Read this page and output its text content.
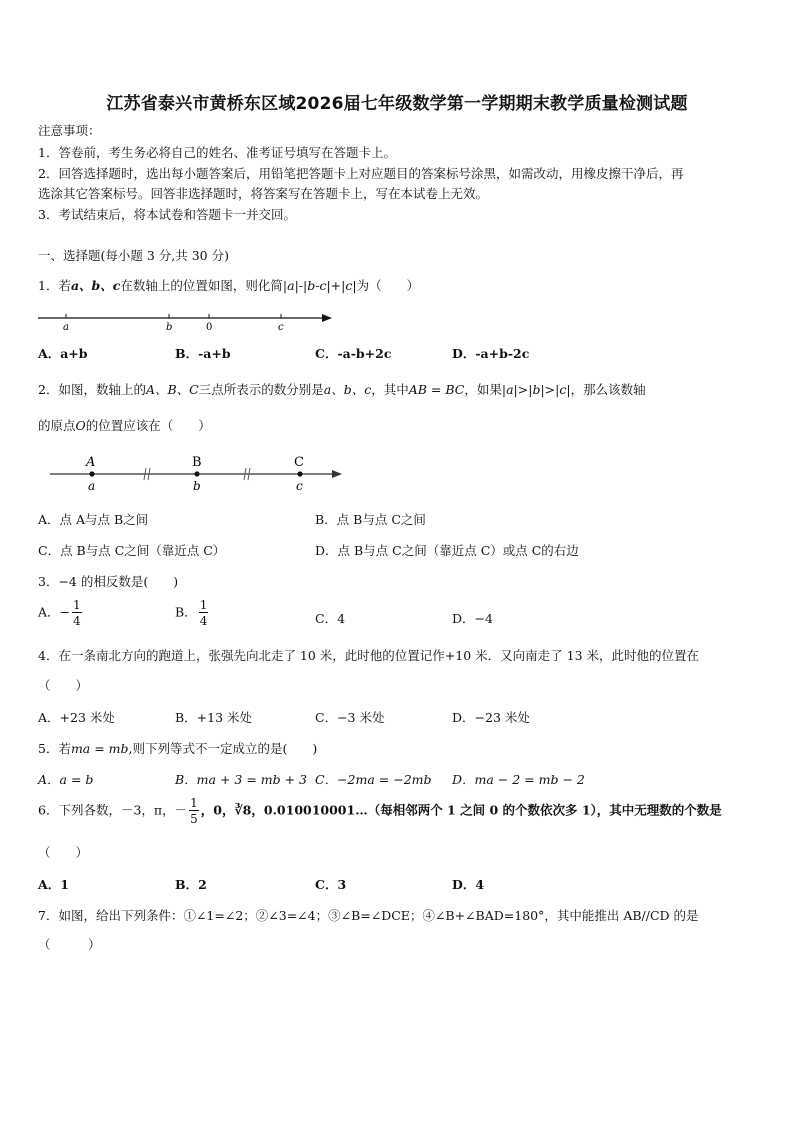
江苏省泰兴市黄桥东区域2026届七年级数学第一学期期末教学质量检测试题
注意事项：
1．答卷前，考生务必将自己的姓名、准考证号填写在答题卡上。
2．回答选择题时，选出每小题答案后，用铅笔把答题卡上对应题目的答案标号涂黑，如需改动，用橡皮擦干净后，再
选涂其它答案标号。回答非选择题时，将答案写在答题卡上，写在本试卷上无效。
3．考试结束后，将本试卷和答题卡一并交回。
一、选择题(每小题 3 分,共 30 分)
1．若a、b、c在数轴上的位置如图，则化简|a|-|b-c|+|c|为（　　）
a	b	0	c
A．a+b	B．-a+b	C．-a-b+2c	D．-a+b-2c
2．如图，数轴上的A、B、C三点所表示的数分别是a、b、c，其中AB = BC，如果|a|>|b|>|c|，那么该数轴
的原点O的位置应该在（　　）
A	B	C
a	b	c
A．点 A与点 B之间	B．点 B与点 C之间
C．点 B与点 C之间（靠近点 C）	D．点 B与点 C之间（靠近点 C）或点 C的右边
3．−4 的相反数是(　　)
A．− $\frac{1}{4}$	B． $\frac{1}{4}$	C．4	D．−4
4．在一条南北方向的跑道上，张强先向北走了 10 米，此时他的位置记作+10 米．又向南走了 13 米，此时他的位置在
（　　）
A．+23 米处	B．+13 米处	C．−3 米处	D．−23 米处
5．若ma = mb,则下列等式不一定成立的是(　　)
A．a = b	B．ma + 3 = mb + 3 C．−2ma = −2mb D．ma − 2 = mb − 2
6．下列各数，－3，π，－ $\frac{1}{5}$ ，0，∛8，0.010010001…（每相邻两个 1 之间 0 的个数依次多 1），其中无理数的个数是
（　　）
A．1	B．2	C．3	D．4
7．如图，给出下列条件：①∠1=∠2；②∠3=∠4；③∠B=∠DCE；④∠B+∠BAD=180°，其中能推出 AB//CD 的是
（　　　）
